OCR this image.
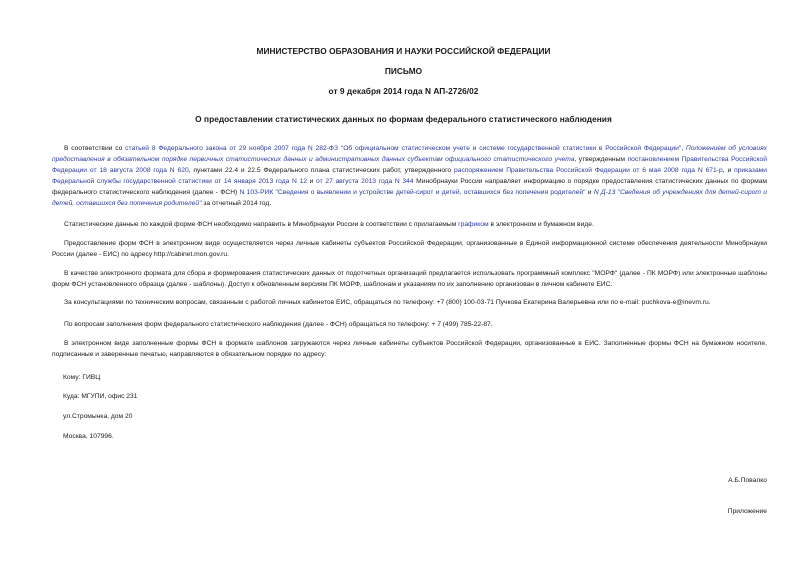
МИНИСТЕРСТВО ОБРАЗОВАНИЯ И НАУКИ РОССИЙСКОЙ ФЕДЕРАЦИИ
ПИСЬМО
от 9 декабря 2014 года N АП-2726/02
О предоставлении статистических данных по формам федерального статистического наблюдения

В соответствии со статьей 8 Федерального закона от 29 ноября 2007 года N 282-ФЗ "Об официальном статистическом учете и системе государственной статистики в Российской Федерации", Положением об условиях предоставления в обязательном порядке первичных статистических данных и административных данных субъектам официального статистического учета, утвержденным постановлением Правительства Российской Федерации от 18 августа 2008 года N 620, пунктами 22.4 и 22.5 Федерального плана статистических работ, утвержденного распоряжением Правительства Российской Федерации от 6 мая 2008 года N 671-р, и приказами Федеральной службы государственной статистики от 14 января 2013 года N 12 и от 27 августа 2013 года N 344 Минобрнауки России направляет информацию о порядке предоставления статистических данных по формам федерального статистического наблюдения (далее - ФСН) N 103-РИК "Сведения о выявлении и устройстве детей-сирот и детей, оставшихся без попечения родителей" и N Д-13 "Сведения об учреждениях для детей-сирот и детей, оставшихся без попечения родителей" за отчетный 2014 год.

Статистические данные по каждой форме ФСН необходимо направить в Минобрнауки России в соответствии с прилагаемым графиком в электронном и бумажном виде.

Предоставление форм ФСН в электронном виде осуществляется через личные кабинеты субъектов Российской Федерации, организованные в Единой информационной системе обеспечения деятельности Минобрнауки России (далее - ЕИС) по адресу http://cabinet.mon.gov.ru.

В качестве электронного формата для сбора и формирования статистических данных от подотчетных организаций предлагается использовать программный комплекс "МОРФ" (далее - ПК МОРФ) или электронные шаблоны форм ФСН установленного образца (далее - шаблоны). Доступ к обновленным версиям ПК МОРФ, шаблонам и указаниям по их заполнению организован в личном кабинете ЕИС.

За консультациями по техническим вопросам, связанным с работой личных кабинетов ЕИС, обращаться по телефону: +7 (800) 100-03-71 Пучкова Екатерина Валерьевна или по e-mail: puchkova-e@inevm.ru.

По вопросам заполнения форм федерального статистического наблюдения (далее - ФСН) обращаться по телефону: + 7 (499) 785-22-87.

В электронном виде заполненные формы ФСН в формате шаблонов загружаются через личные кабинеты субъектов Российской Федерации, организованные в ЕИС. Заполненные формы ФСН на бумажном носителе, подписанные и заверенные печатью, направляются в обязательном порядке по адресу:

Кому: ГИВЦ
Куда: МГУПИ, офис 231
ул.Стромынка, дом 20
Москва, 107996.
А.Б.Повалко
Приложение
